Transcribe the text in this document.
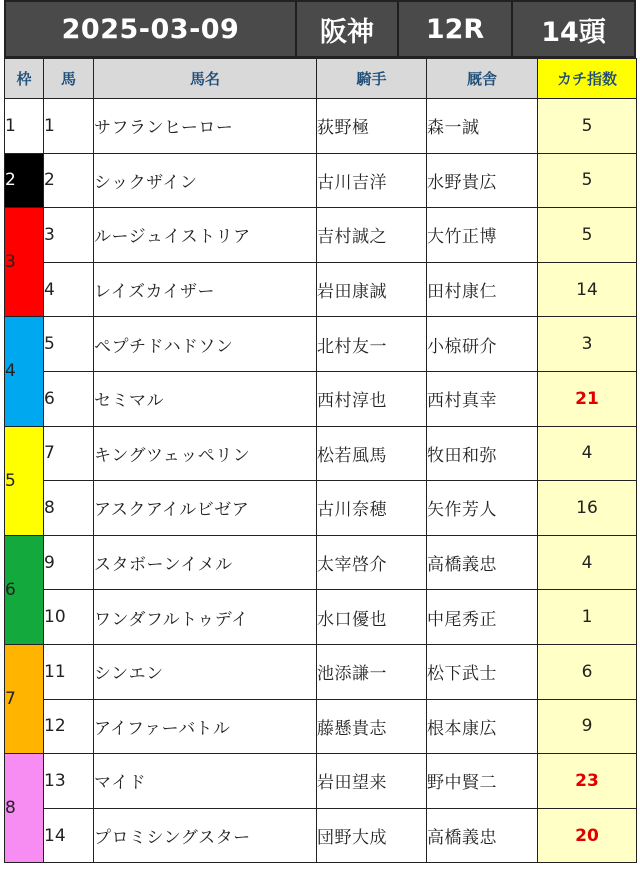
2025-03-09	阪神	12R	14頭
枠	馬	馬名	騎手	厩舎	カチ指数
1	1	サフランヒーロー	荻野極	森一誠	5
2	2	シックザイン	古川吉洋	水野貴広	5
3	3	ルージュイストリア	吉村誠之	大竹正博	5
	4	レイズカイザー	岩田康誠	田村康仁	14
4	5	ペプチドハドソン	北村友一	小椋研介	3
	6	セミマル	西村淳也	西村真幸	21
5	7	キングツェッペリン	松若風馬	牧田和弥	4
	8	アスクアイルビゼア	古川奈穂	矢作芳人	16
6	9	スタボーンイメル	太宰啓介	高橋義忠	4
	10	ワンダフルトゥデイ	水口優也	中尾秀正	1
7	11	シンエン	池添謙一	松下武士	6
	12	アイファーバトル	藤懸貴志	根本康広	9
8	13	マイド	岩田望来	野中賢二	23
	14	プロミシングスター	団野大成	高橋義忠	20
